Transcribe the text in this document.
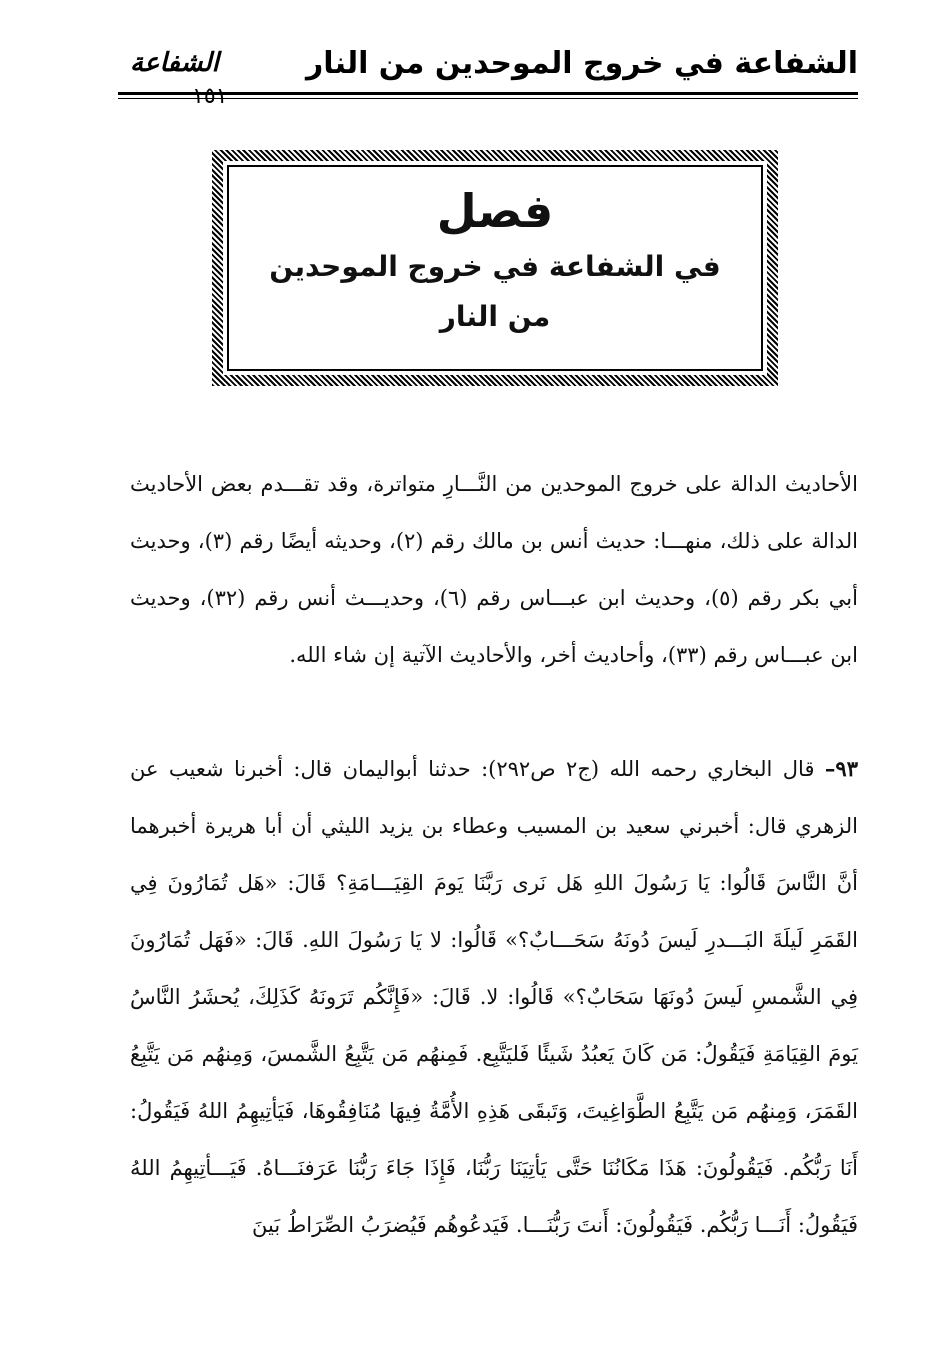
الشفاعة في خروج الموحدين من النار
الشفاعة
١٥١
فصل
في الشفاعة في خروج الموحدين
من النار

الأحاديث الدالة على خروج الموحدين من النَّـــارِ متواترة، وقد تقـــدم بعض الأحاديث الدالة على ذلك، منهـــا: حديث أنس بن مالك رقم (٢)، وحديثه أيضًا رقم (٣)، وحديث أبي بكر رقم (٥)، وحديث ابن عبـــاس رقم (٦)، وحديـــث أنس رقم (٣٢)، وحديث ابن عبـــاس رقم (٣٣)، وأحاديث أخر، والأحاديث الآتية إن شاء الله.

٩٣– قال البخاري رحمه الله (ج٢ ص٢٩٢): حدثنا أبواليمان قال: أخبرنا شعيب عن الزهري قال: أخبرني سعيد بن المسيب وعطاء بن يزيد الليثي أن أبا هريرة أخبرهما أنَّ النَّاسَ قَالُوا: يَا رَسُولَ اللهِ هَل نَرى رَبَّنَا يَومَ القِيَـــامَةِ؟ قَالَ: «هَل تُمَارُونَ فِي القَمَرِ لَيلَةَ البَـــدرِ لَيسَ دُونَهُ سَحَـــابٌ؟» قَالُوا: لا يَا رَسُولَ اللهِ. قَالَ: «فَهَل تُمَارُونَ فِي الشَّمسِ لَيسَ دُونَهَا سَحَابٌ؟» قَالُوا: لا. قَالَ: «فَإِنَّكُم تَرَونَهُ كَذَلِكَ، يُحشَرُ النَّاسُ يَومَ القِيَامَةِ فَيَقُولُ: مَن كَانَ يَعبُدُ شَيئًا فَليَتَّبِع. فَمِنهُم مَن يَتَّبِعُ الشَّمسَ، وَمِنهُم مَن يَتَّبِعُ القَمَرَ، وَمِنهُم مَن يَتَّبِعُ الطَّوَاغِيتَ، وَتَبقَى هَذِهِ الأُمَّةُ فِيهَا مُنَافِقُوهَا، فَيَأتِيهِمُ اللهُ فَيَقُولُ: أَنَا رَبُّكُم. فَيَقُولُونَ: هَذَا مَكَانُنَا حَتَّى يَأتِيَنَا رَبُّنَا، فَإِذَا جَاءَ رَبُّنَا عَرَفنَـــاهُ. فَيَـــأتِيهِمُ اللهُ فَيَقُولُ: أَنَـــا رَبُّكُم. فَيَقُولُونَ: أَنتَ رَبُّنَـــا. فَيَدعُوهُم فَيُضرَبُ الصِّرَاطُ بَينَ
